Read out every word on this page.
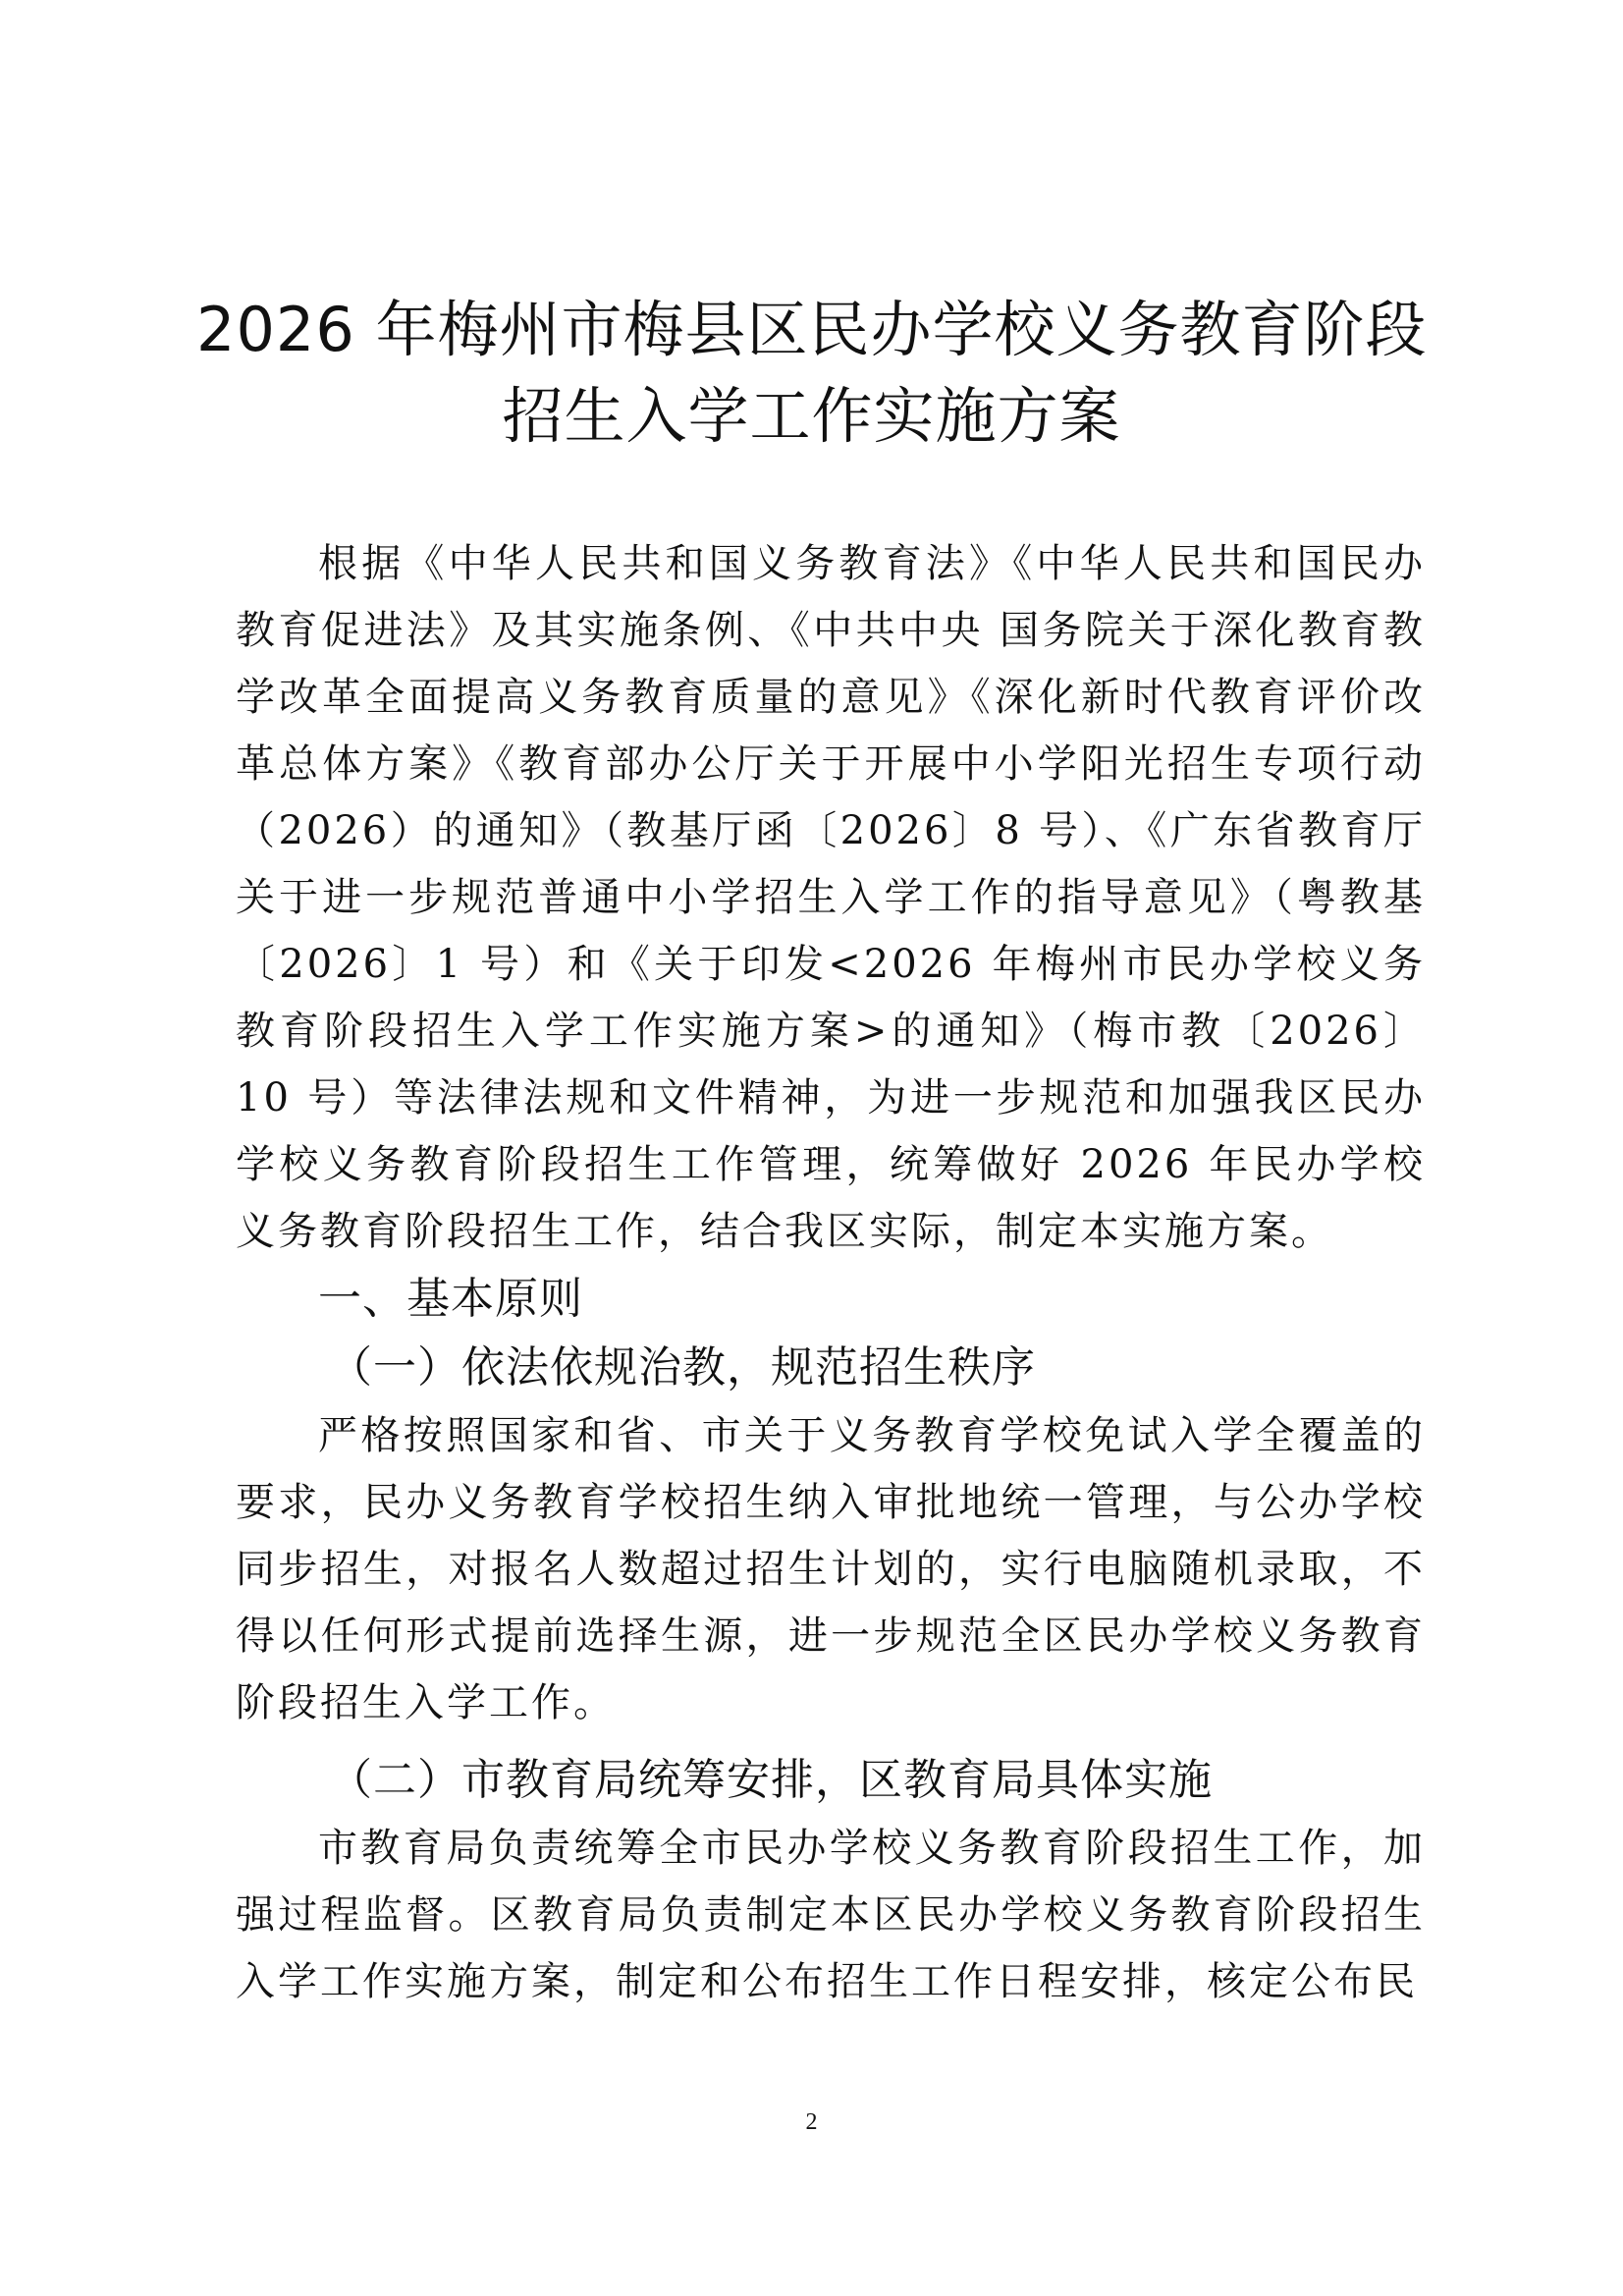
2026 年梅州市梅县区民办学校义务教育阶段
招生入学工作实施方案

根据《中华人民共和国义务教育法》《中华人民共和国民办教育促进法》及其实施条例、《中共中央 国务院关于深化教育教学改革全面提高义务教育质量的意见》《深化新时代教育评价改革总体方案》《教育部办公厅关于开展中小学阳光招生专项行动（2026）的通知》（教基厅函〔2026〕8 号）、《广东省教育厅关于进一步规范普通中小学招生入学工作的指导意见》（粤教基〔2026〕1 号）和《关于印发<2026 年梅州市民办学校义务教育阶段招生入学工作实施方案>的通知》（梅市教〔2026〕10 号）等法律法规和文件精神，为进一步规范和加强我区民办学校义务教育阶段招生工作管理，统筹做好 2026 年民办学校义务教育阶段招生工作，结合我区实际，制定本实施方案。

一、基本原则

（一）依法依规治教，规范招生秩序

严格按照国家和省、市关于义务教育学校免试入学全覆盖的要求，民办义务教育学校招生纳入审批地统一管理，与公办学校同步招生，对报名人数超过招生计划的，实行电脑随机录取，不得以任何形式提前选择生源，进一步规范全区民办学校义务教育阶段招生入学工作。

（二）市教育局统筹安排，区教育局具体实施

市教育局负责统筹全市民办学校义务教育阶段招生工作，加强过程监督。区教育局负责制定本区民办学校义务教育阶段招生入学工作实施方案，制定和公布招生工作日程安排，核定公布民

2
